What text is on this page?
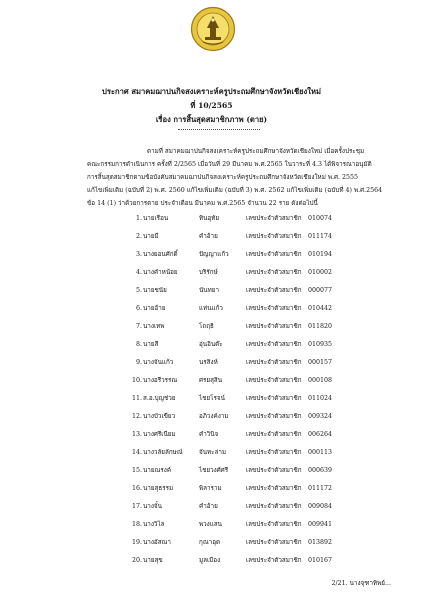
ประกาศ สมาคมฌาปนกิจสงเคราะห์ครูประถมศึกษาจังหวัดเชียงใหม่
ที่ 10/2565
เรื่อง การสิ้นสุดสมาชิกภาพ (ตาย)
ตามที่ สมาคมฌาปนกิจสงเคราะห์ครูประถมศึกษาจังหวัดเชียงใหม่ เมื่อครั้งประชุม
คณะกรรมการดำเนินการ ครั้งที่ 2/2565 เมื่อวันที่ 29 มีนาคม พ.ศ.2565 ในวาระที่ 4.3 ได้พิจารณาอนุมัติ
การสิ้นสุดสมาชิกตามข้อบังคับสมาคมฌาปนกิจสงเคราะห์ครูประถมศึกษาจังหวัดเชียงใหม่ พ.ศ. 2555
แก้ไขเพิ่มเติม (ฉบับที่ 2) พ.ศ. 2560 แก้ไขเพิ่มเติม (ฉบับที่ 3) พ.ศ. 2562 แก้ไขเพิ่มเติม (ฉบับที่ 4) พ.ศ.2564
ข้อ 14 (1) ว่าด้วยการตาย ประจำเดือน มีนาคม พ.ศ.2565 จำนวน 22 ราย ดังต่อไปนี้
1. นายเรือน	ทินอุทัย	เลขประจำตัวสมาชิก 010074
2. นายมี	คำอ้าย	เลขประจำตัวสมาชิก 011174
3. นางยอนศักดิ์	ปัญญาแก้ว	เลขประจำตัวสมาชิก 010194
4. นางคำหน้อย	บริรักษ์	เลขประจำตัวสมาชิก 010002
5. นายชนัย	นันทยา	เลขประจำตัวสมาชิก 000077
6. นายอ้าย	แท่นแก้ว	เลขประจำตัวสมาชิก 010442
7. นางเทพ	โถฤธิ	เลขประจำตัวสมาชิก 011820
8. นายสี	อุ่นอินต๊ะ	เลขประจำตัวสมาชิก 010935
9. นางจันแก้ว	นรสิงห์	เลขประจำตัวสมาชิก 000157
10. นางอรีวรรณ	ศรยสุสิน	เลขประจำตัวสมาชิก 000108
11. ส.อ.บุญช่วย	ไชยโรจน์	เลขประจำตัวสมาชิก 011024
12. นางบัวเขียว	อภิวงค์งาม	เลขประจำตัวสมาชิก 009324
13. นางศรีเนียม	คำวินิจ	เลขประจำตัวสมาชิก 006264
14. นางวลัยลักษณ์	จันทะล่าม	เลขประจำตัวสมาชิก 000113
15. นายณรงค์	ไชยวงศ์ศรี	เลขประจำตัวสมาชิก 000639
16. นายสุธรรม	พิลาราม	เลขประจำตัวสมาชิก 011172
17. นางจั๋น	คำอ้าย	เลขประจำตัวสมาชิก 009084
18. นางวิไล	พวงแสน	เลขประจำตัวสมาชิก 009941
19. นางอัสณา	กุณาอุด	เลขประจำตัวสมาชิก 013892
20. นายสุข	มูลเมือง	เลขประจำตัวสมาชิก 010167
2/21. นางจุฑาทิพย์...
